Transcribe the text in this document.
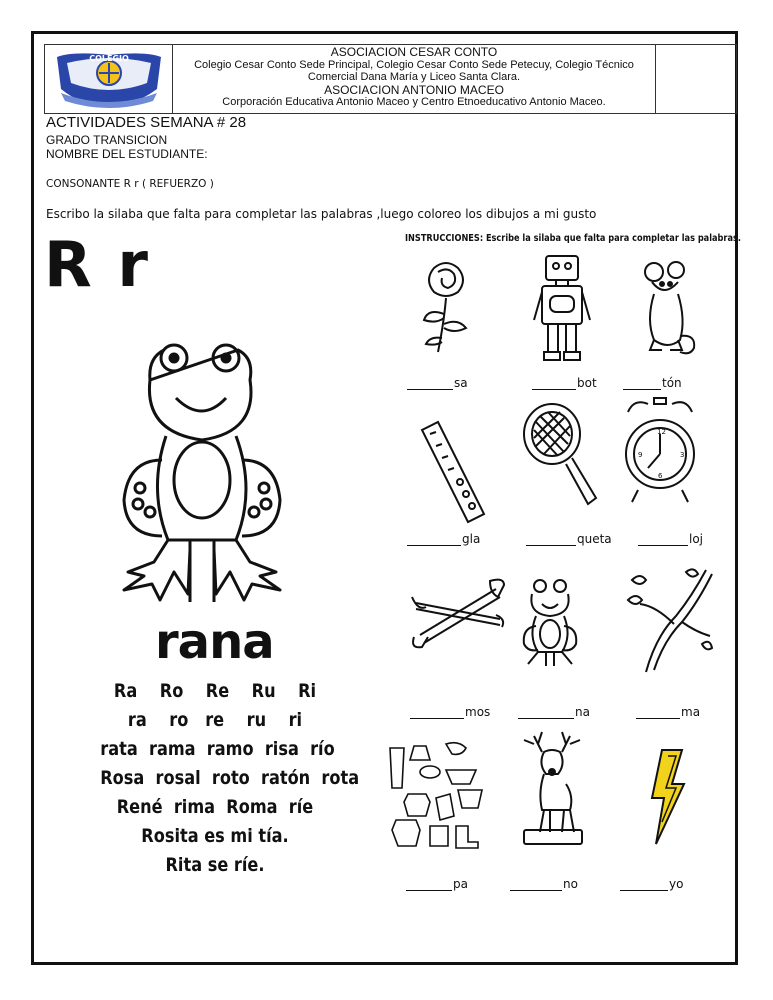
COLEGIO	ASOCIACION CESAR CONTO
Colegio Cesar Conto Sede Principal, Colegio Cesar Conto Sede Petecuy, Colegio Técnico
Comercial Dana María y Liceo Santa Clara.
ASOCIACION ANTONIO MACEO
Corporación Educativa Antonio Maceo y Centro Etnoeducativo Antonio Maceo.
ACTIVIDADES SEMANA # 28
GRADO TRANSICION
NOMBRE DEL ESTUDIANTE:
CONSONANTE R r ( REFUERZO )
Escribo la silaba que falta para completar las palabras ,luego coloreo los dibujos a mi gusto
R r
rana
Ra    Ro    Re    Ru    Ri
ra    ro   re    ru    ri
rata  rama  ramo  risa  río
Rosa  rosal  roto  ratón  rota
René  rima  Roma  ríe
Rosita es mi tía.
Rita se ríe.
INSTRUCCIONES: Escribe la silaba que falta para completar las palabras.
sa	bot	tón
12
3
6
9
gla	queta	loj
mos	na	ma
pa	no	yo
